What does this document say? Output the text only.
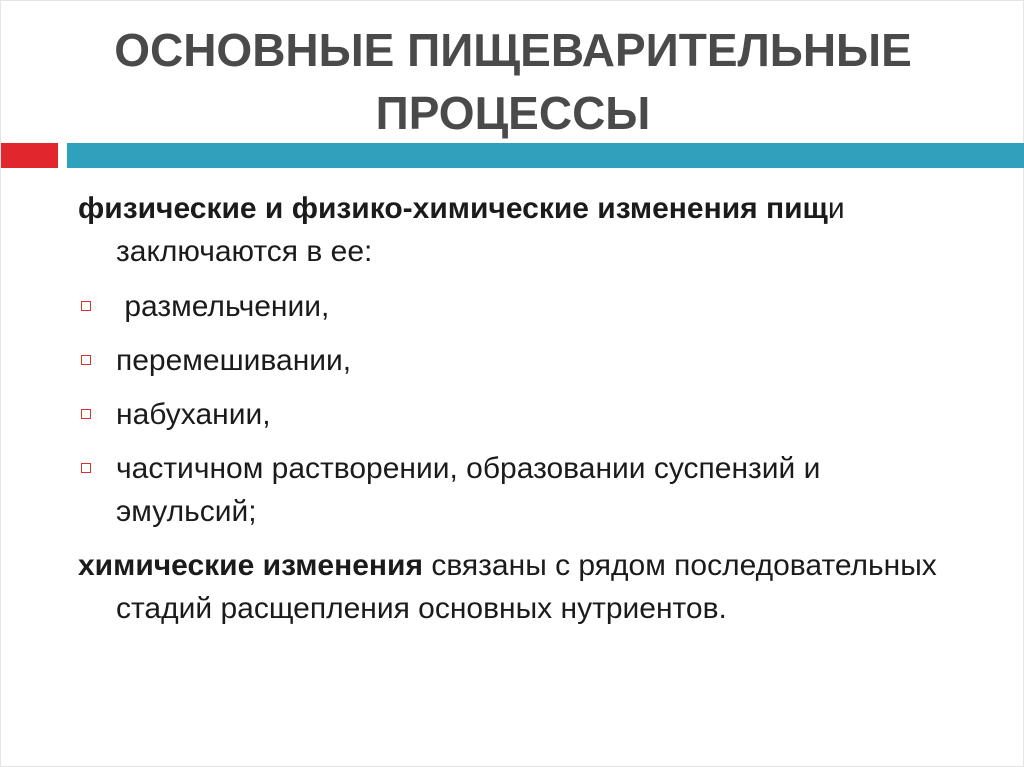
ОСНОВНЫЕ ПИЩЕВАРИТЕЛЬНЫЕ
ПРОЦЕССЫ

физические и физико-химические изменения пищи заключаются в ее:

размельчении,
перемешивании,
набухании,
частичном растворении, образовании суспензий и эмульсий;

химические изменения связаны с рядом последовательных стадий расщепления основных нутриентов.
